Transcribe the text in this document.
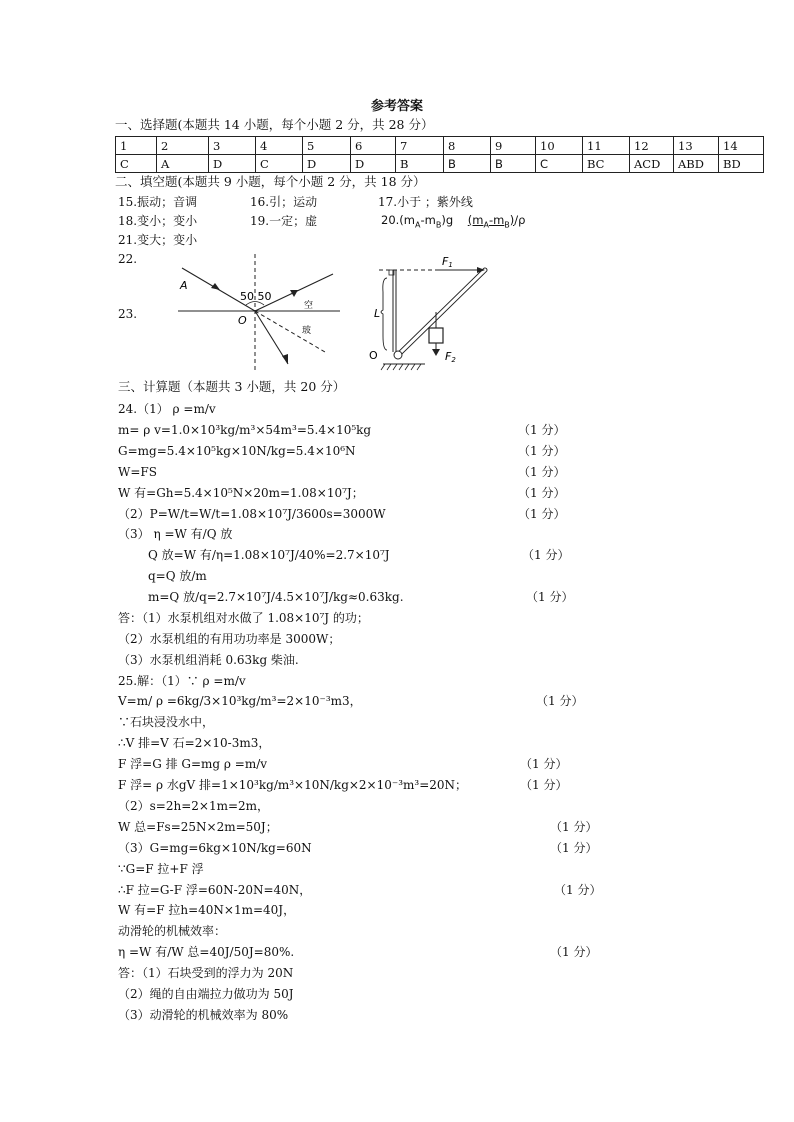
参考答案
一、选择题(本题共 14 小题，每个小题 2 分，共 28 分）
1	2	3	4	5	6	7	8	9	10	11	12	13	14
C	A	D	C	D	D	B	B	B	C	BC	ACD	ABD	BD
二、填空题(本题共 9 小题，每个小题 2 分，共 18 分）
15.振动；音调	16.引；运动	17.小于 ；紫外线
18.变小；变小	19.一定；虚	$20.(m_A-m_B)g$ $(m_A-m_B)/\rho$
21.变大；变小
22.
23.
A
50 50
O
空
玻
F1
F2
O
L
三、计算题（本题共 3 小题，共 20 分）
24.（1） ρ =m/v
m= ρ v=1.0×10³kg/m³×54m³=5.4×10⁵kg	（1 分）
G=mg=5.4×10⁵kg×10N/kg=5.4×10⁶N	（1 分）
W=FS	（1 分）
W 有=Gh=5.4×10⁵N×20m=1.08×10⁷J；	（1 分）
（2）P=W/t=W/t=1.08×10⁷J/3600s=3000W	（1 分）
（3） η =W 有/Q 放
Q 放=W 有/η=1.08×10⁷J/40%=2.7×10⁷J	（1 分）
q=Q 放/m
m=Q 放/q=2.7×10⁷J/4.5×10⁷J/kg≈0.63kg.	（1 分）
答：（1）水泵机组对水做了 1.08×10⁷J 的功；
（2）水泵机组的有用功功率是 3000W；
（3）水泵机组消耗 0.63kg 柴油.
25.解：（1）∵ ρ =m/v
V=m/ ρ =6kg/3×10³kg/m³=2×10⁻³m3，	（1 分）
∵石块浸没水中，
∴V 排=V 石=2×10-3m3，
F 浮=G 排 G=mg ρ =m/v	（1 分）
F 浮= ρ 水gV 排=1×10³kg/m³×10N/kg×2×10⁻³m³=20N；	（1 分）
（2）s=2h=2×1m=2m，
W 总=Fs=25N×2m=50J；	（1 分）
（3）G=mg=6kg×10N/kg=60N	（1 分）
∵G=F 拉+F 浮
∴F 拉=G-F 浮=60N-20N=40N，	（1 分）
W 有=F 拉h=40N×1m=40J，
动滑轮的机械效率：
η =W 有/W 总=40J/50J=80%.	（1 分）
答：（1）石块受到的浮力为 20N
（2）绳的自由端拉力做功为 50J
（3）动滑轮的机械效率为 80%
